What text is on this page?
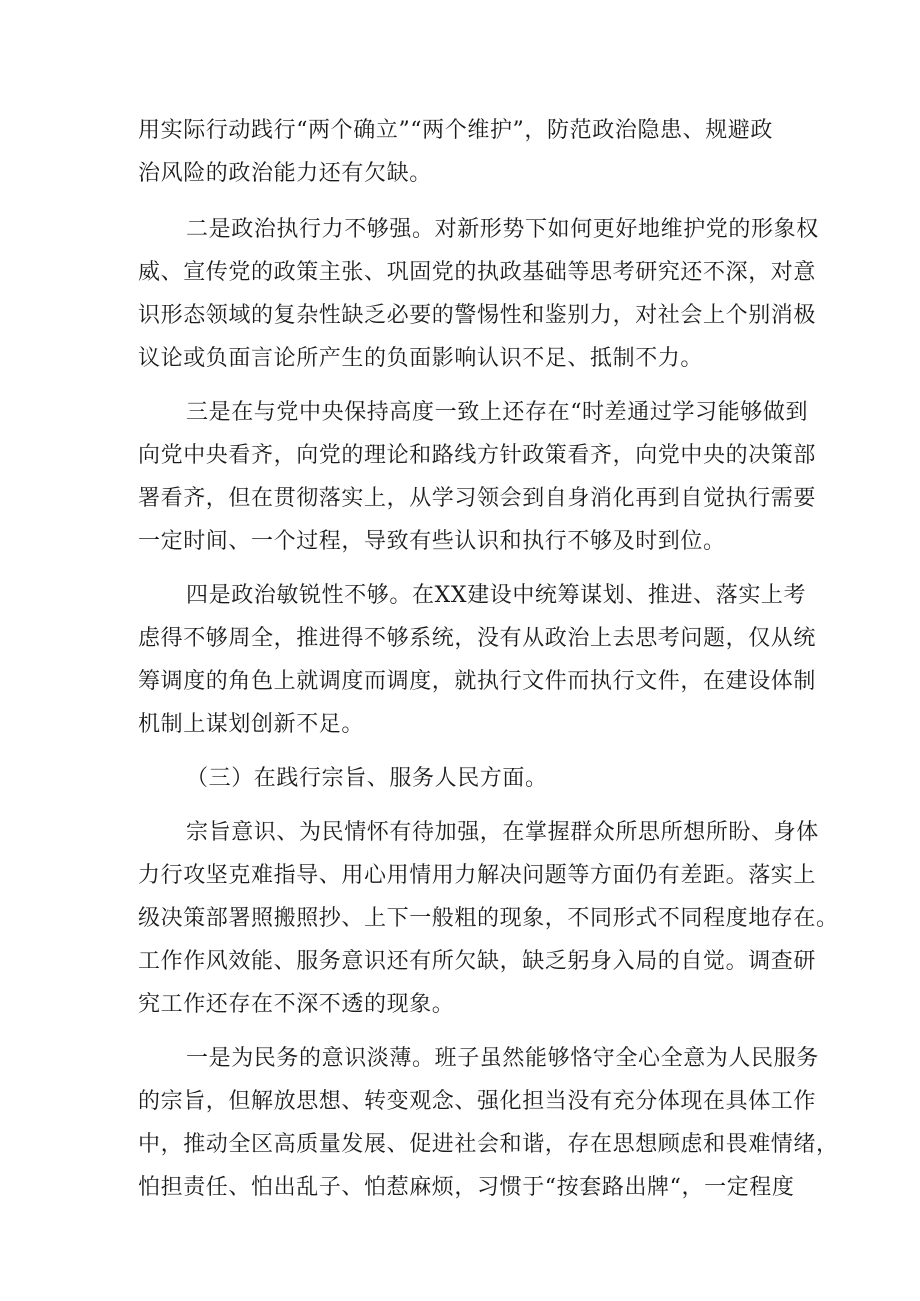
用实际行动践行“两个确立”“两个维护”，防范政治隐患、规避政
治风险的政治能力还有欠缺。
二是政治执行力不够强。对新形势下如何更好地维护党的形象权
威、宣传党的政策主张、巩固党的执政基础等思考研究还不深，对意
识形态领域的复杂性缺乏必要的警惕性和鉴别力，对社会上个别消极
议论或负面言论所产生的负面影响认识不足、抵制不力。
三是在与党中央保持高度一致上还存在“时差通过学习能够做到
向党中央看齐，向党的理论和路线方针政策看齐，向党中央的决策部
署看齐，但在贯彻落实上，从学习领会到自身消化再到自觉执行需要
一定时间、一个过程，导致有些认识和执行不够及时到位。
四是政治敏锐性不够。在XX建设中统筹谋划、推进、落实上考
虑得不够周全，推进得不够系统，没有从政治上去思考问题，仅从统
筹调度的角色上就调度而调度，就执行文件而执行文件，在建设体制
机制上谋划创新不足。
（三）在践行宗旨、服务人民方面。
宗旨意识、为民情怀有待加强，在掌握群众所思所想所盼、身体
力行攻坚克难指导、用心用情用力解决问题等方面仍有差距。落实上
级决策部署照搬照抄、上下一般粗的现象，不同形式不同程度地存在。
工作作风效能、服务意识还有所欠缺，缺乏躬身入局的自觉。调查研
究工作还存在不深不透的现象。
一是为民务的意识淡薄。班子虽然能够恪守全心全意为人民服务
的宗旨，但解放思想、转变观念、强化担当没有充分体现在具体工作
中，推动全区高质量发展、促进社会和谐，存在思想顾虑和畏难情绪，
怕担责任、怕出乱子、怕惹麻烦，习惯于“按套路出牌“，一定程度
